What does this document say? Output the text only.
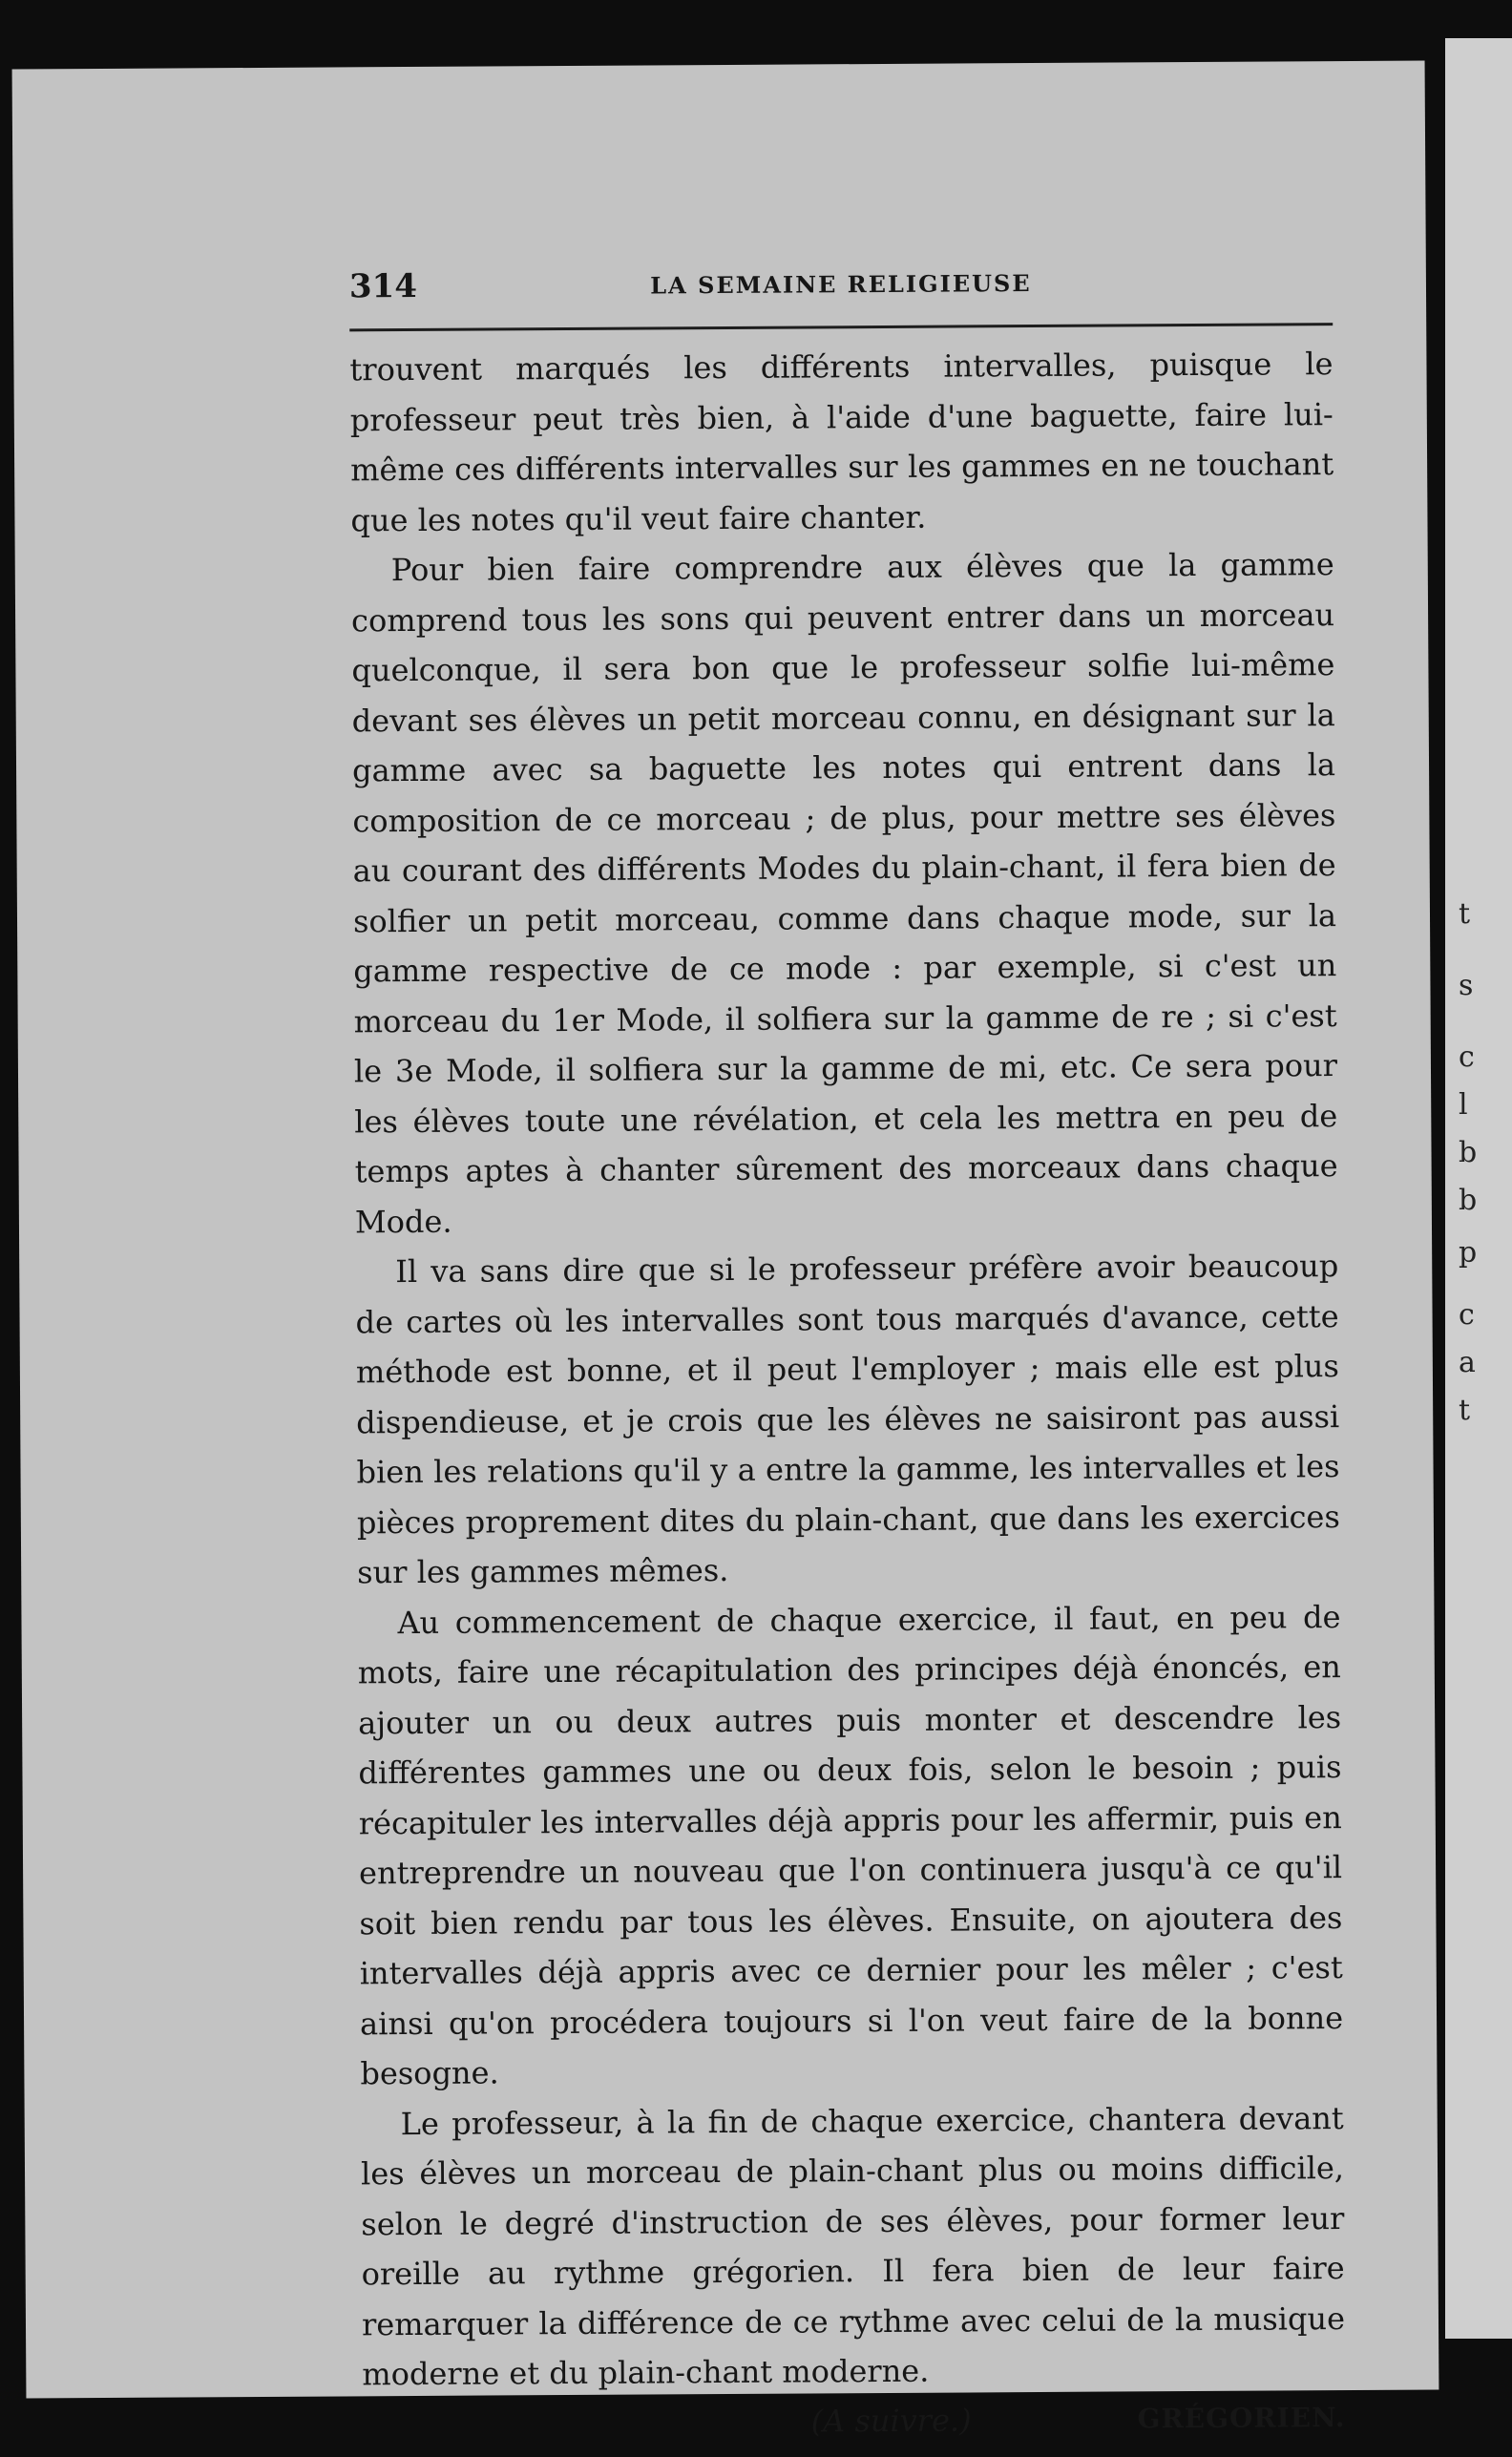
t
s
c
l
b
b
p
c
a
t
314	LA SEMAINE RELIGIEUSE

trouvent marqués les différents intervalles, puisque le professeur peut très bien, à l'aide d'une baguette, faire lui-même ces différents intervalles sur les gammes en ne touchant que les notes qu'il veut faire chanter.

Pour bien faire comprendre aux élèves que la gamme comprend tous les sons qui peuvent entrer dans un morceau quelconque, il sera bon que le professeur solfie lui-même devant ses élèves un petit morceau connu, en désignant sur la gamme avec sa baguette les notes qui entrent dans la composition de ce morceau ; de plus, pour mettre ses élèves au courant des différents Modes du plain-chant, il fera bien de solfier un petit morceau, comme dans chaque mode, sur la gamme respective de ce mode : par exemple, si c'est un morceau du 1er Mode, il solfiera sur la gamme de re ; si c'est le 3e Mode, il solfiera sur la gamme de mi, etc. Ce sera pour les élèves toute une révélation, et cela les mettra en peu de temps aptes à chanter sûrement des morceaux dans chaque Mode.

Il va sans dire que si le professeur préfère avoir beaucoup de cartes où les intervalles sont tous marqués d'avance, cette méthode est bonne, et il peut l'employer ; mais elle est plus dispendieuse, et je crois que les élèves ne saisiront pas aussi bien les relations qu'il y a entre la gamme, les intervalles et les pièces proprement dites du plain-chant, que dans les exercices sur les gammes mêmes.

Au commencement de chaque exercice, il faut, en peu de mots, faire une récapitulation des principes déjà énoncés, en ajouter un ou deux autres puis monter et descendre les différentes gammes une ou deux fois, selon le besoin ; puis récapituler les intervalles déjà appris pour les affermir, puis en entreprendre un nouveau que l'on continuera jusqu'à ce qu'il soit bien rendu par tous les élèves. Ensuite, on ajoutera des intervalles déjà appris avec ce dernier pour les mêler ; c'est ainsi qu'on procédera toujours si l'on veut faire de la bonne besogne.

Le professeur, à la fin de chaque exercice, chantera devant les élèves un morceau de plain-chant plus ou moins difficile, selon le degré d'instruction de ses élèves, pour former leur oreille au rythme grégorien. Il fera bien de leur faire remarquer la différence de ce rythme avec celui de la musique moderne et du plain-chant moderne.

(A suivre.)	GRÉGORIEN.
